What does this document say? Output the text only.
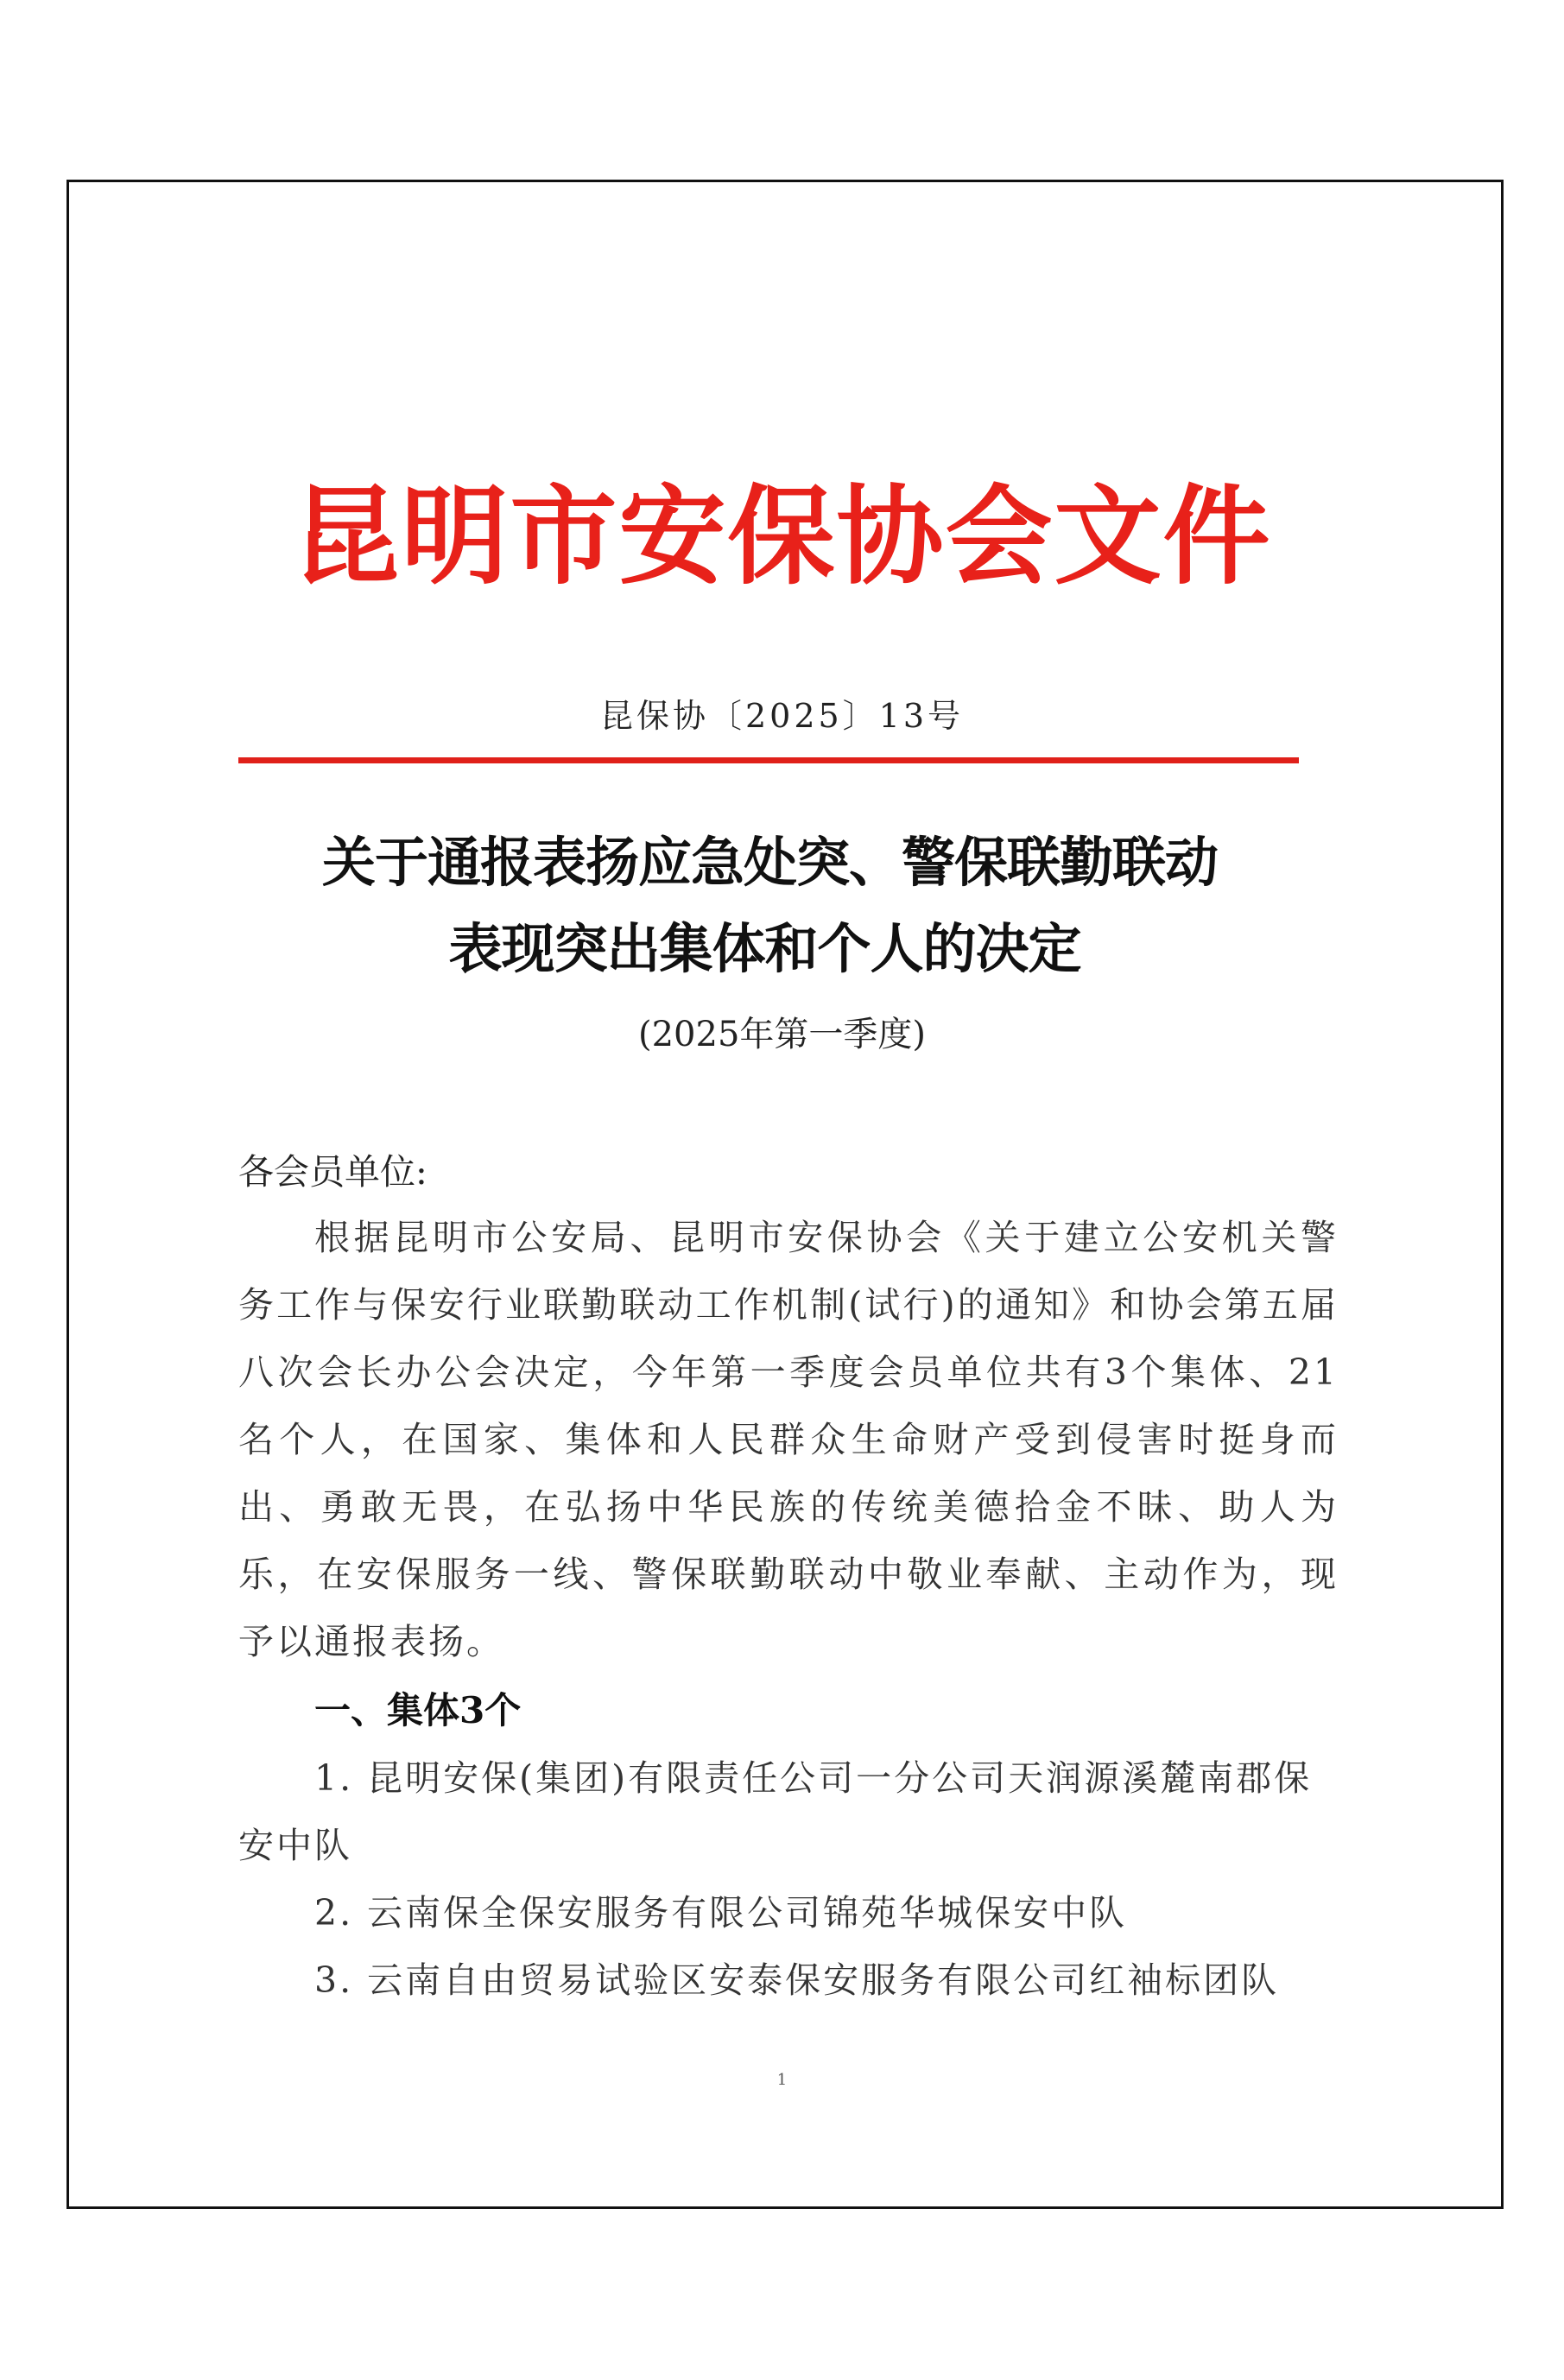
昆明市安保协会文件
昆保协〔2025〕13号
关于通报表扬应急处突、警保联勤联动
表现突出集体和个人的决定
(2025年第一季度)
各会员单位:
根据昆明市公安局、昆明市安保协会《关于建立公安机关警务工作与保安行业联勤联动工作机制(试行)的通知》和协会第五届八次会长办公会决定，今年第一季度会员单位共有3个集体、21名个人，在国家、集体和人民群众生命财产受到侵害时挺身而出、勇敢无畏，在弘扬中华民族的传统美德拾金不昧、助人为乐，在安保服务一线、警保联勤联动中敬业奉献、主动作为，现予以通报表扬。
一、集体3个
1. 昆明安保(集团)有限责任公司一分公司天润源溪麓南郡保安中队
2. 云南保全保安服务有限公司锦苑华城保安中队
3. 云南自由贸易试验区安泰保安服务有限公司红袖标团队
1
